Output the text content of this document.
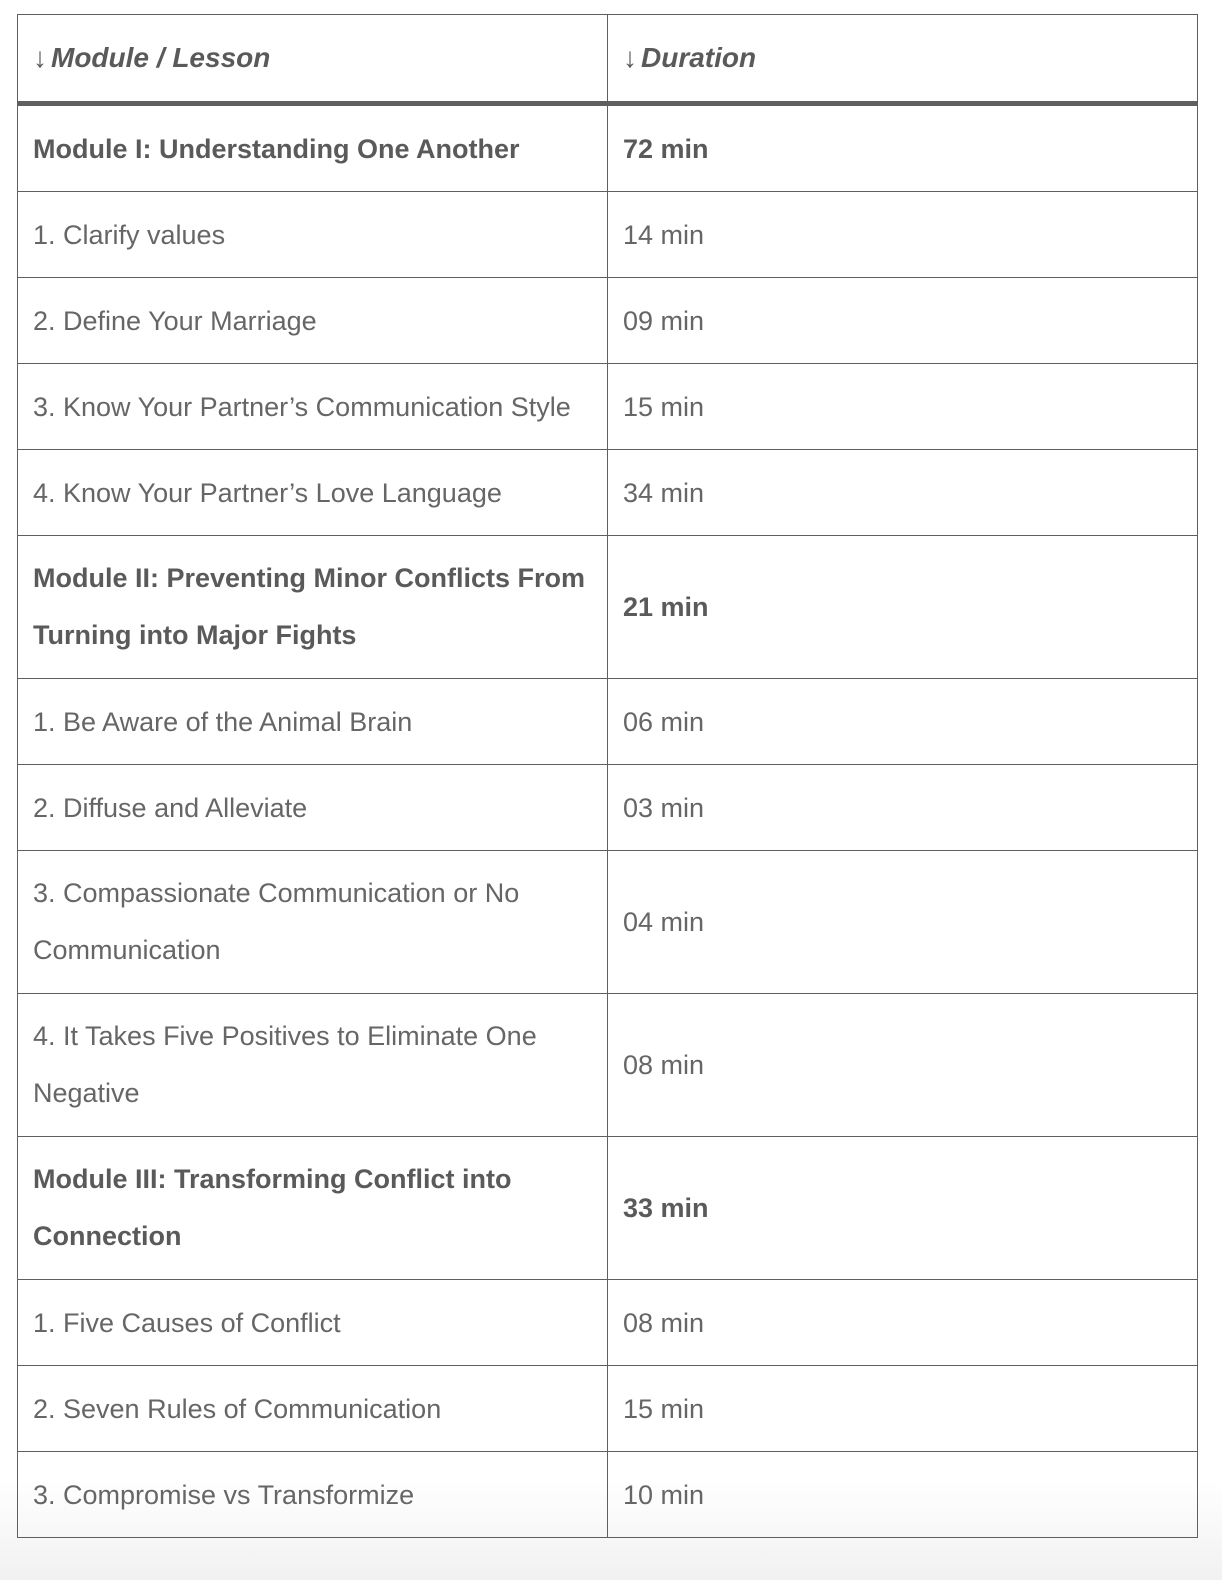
↓ Module / Lesson	↓ Duration
Module I: Understanding One Another	72 min
1. Clarify values	14 min
2. Define Your Marriage	09 min
3. Know Your Partner’s Communication Style	15 min
4. Know Your Partner’s Love Language	34 min
Module II: Preventing Minor Conflicts From Turning into Major Fights	21 min
1. Be Aware of the Animal Brain	06 min
2. Diffuse and Alleviate	03 min
3. Compassionate Communication or No Communication	04 min
4. It Takes Five Positives to Eliminate One Negative	08 min
Module III: Transforming Conflict into Connection	33 min
1. Five Causes of Conflict	08 min
2. Seven Rules of Communication	15 min
3. Compromise vs Transformize	10 min
